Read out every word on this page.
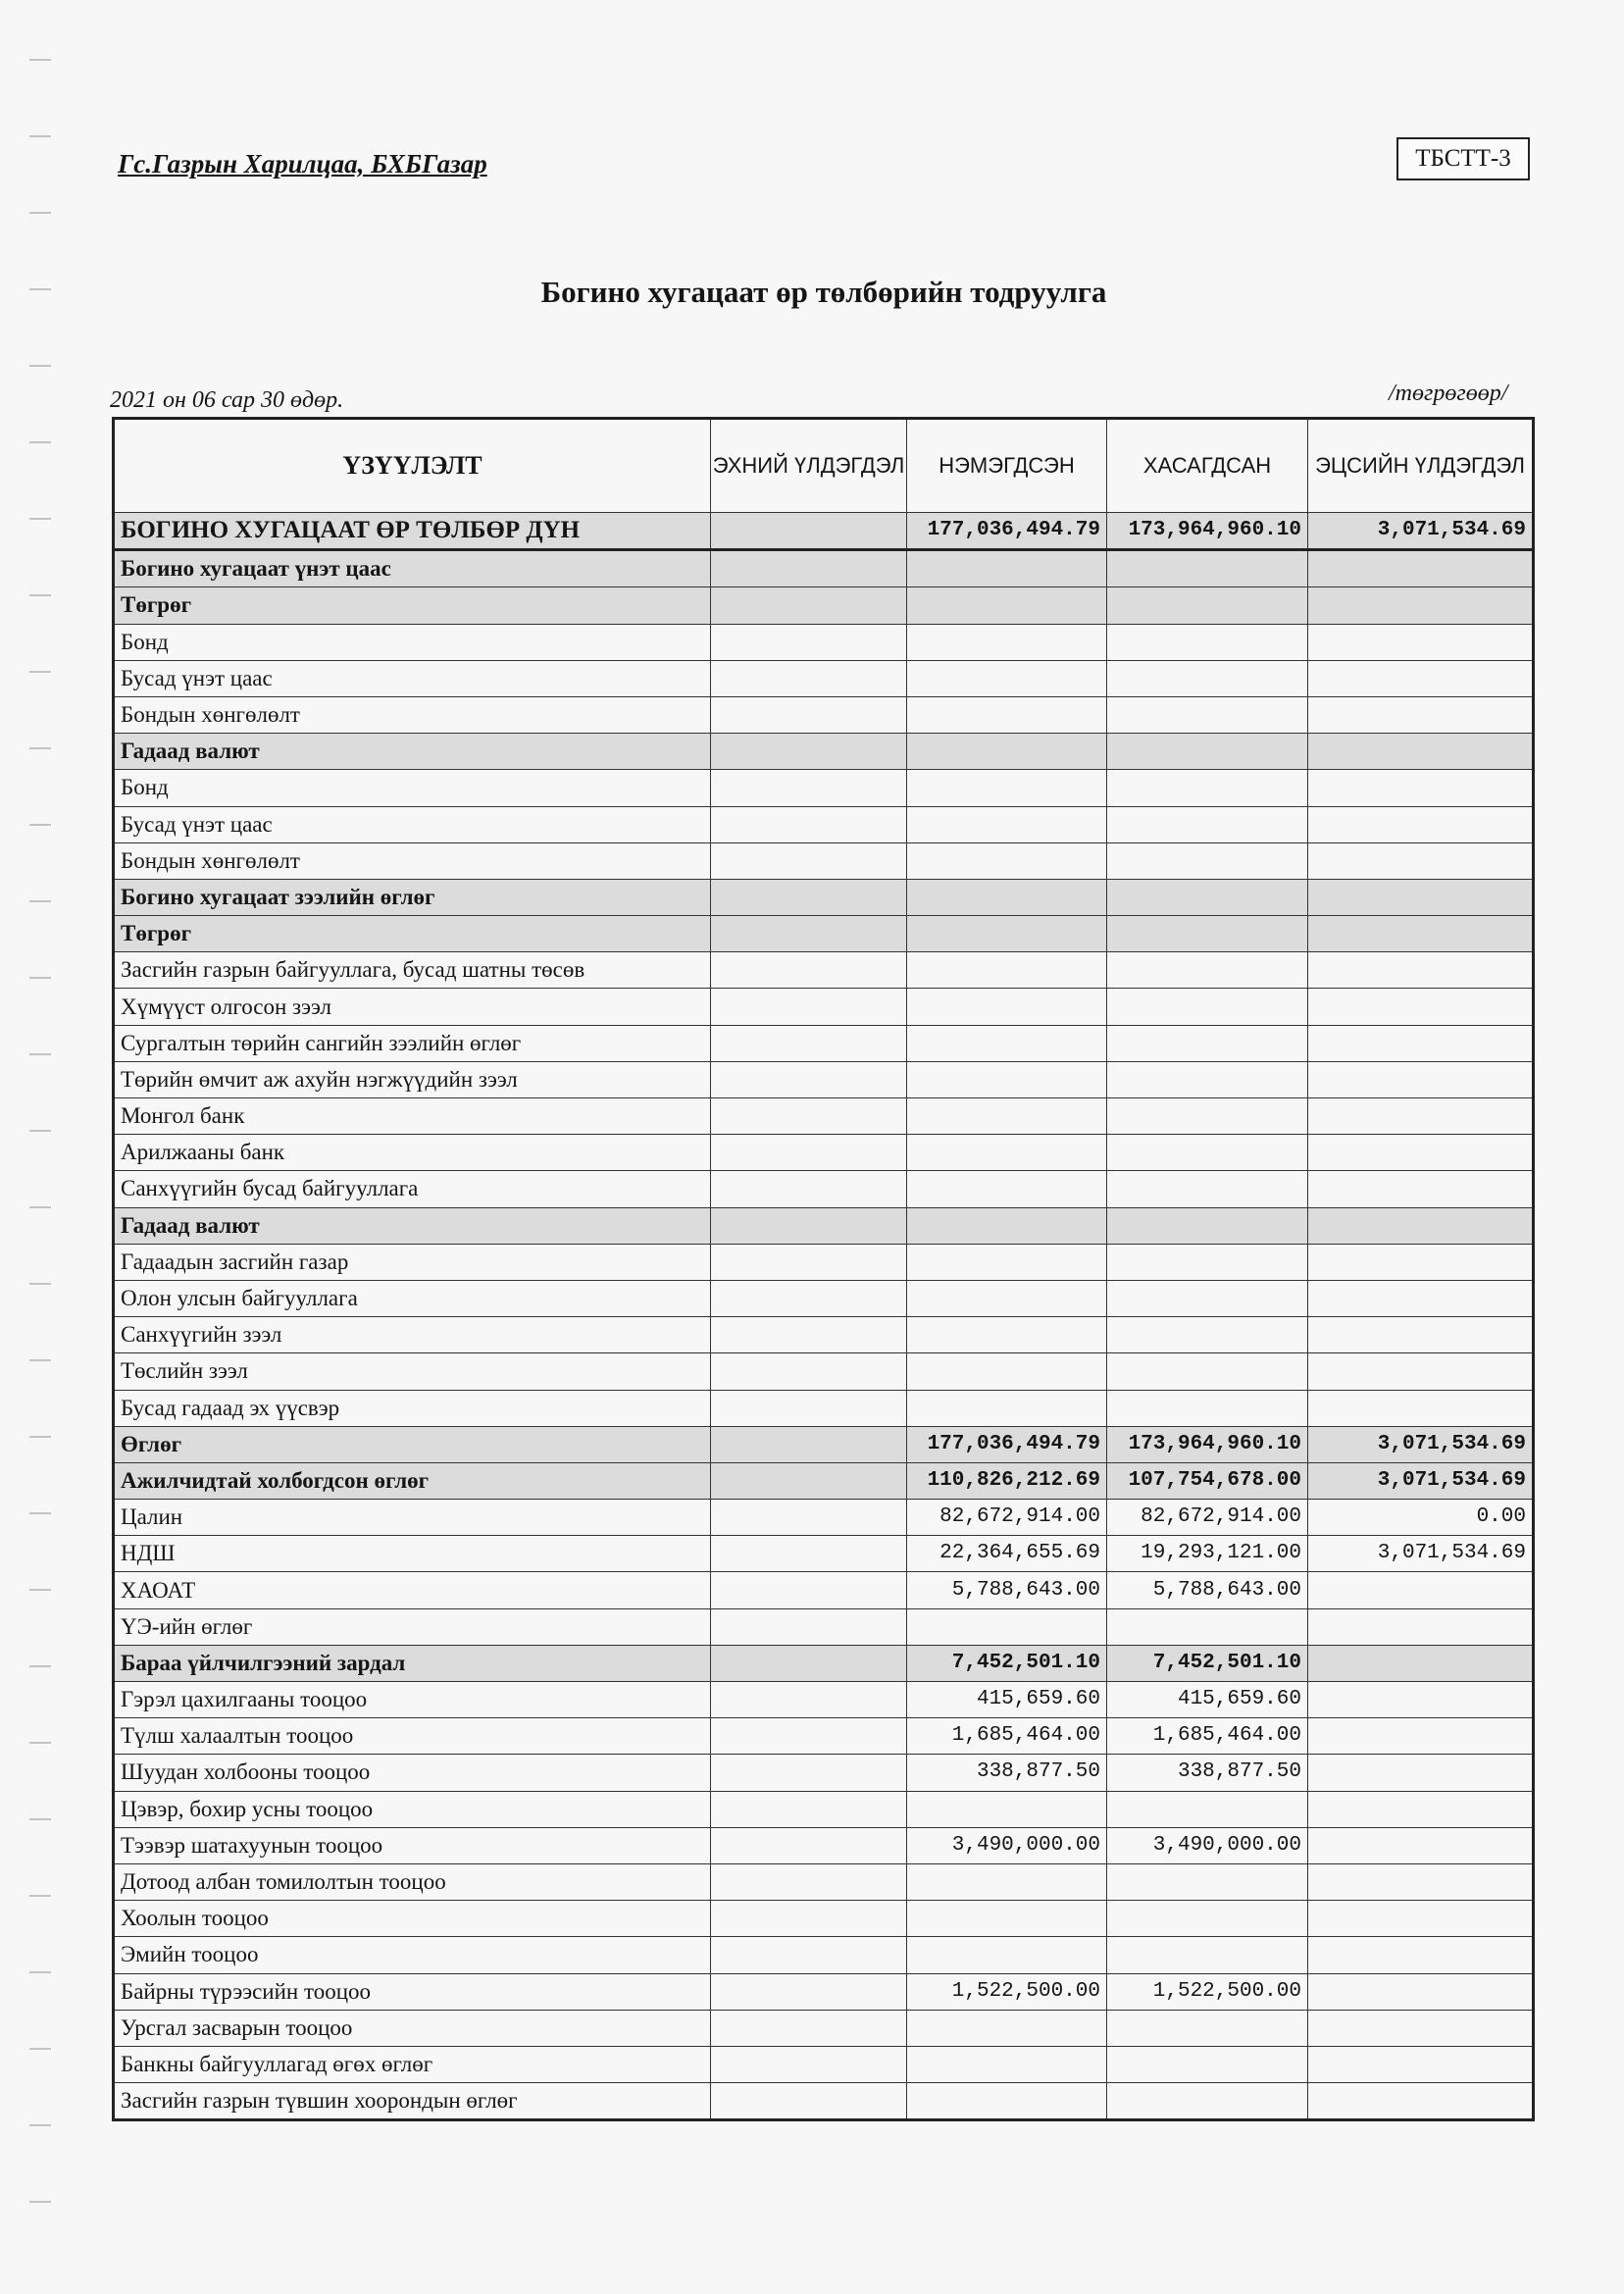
Гс.Газрын Харилцаа, БХБГазар	ТБСТТ-3
Богино хугацаат өр төлбөрийн тодруулга
2021 он 06 сар 30 өдөр.	/төгрөгөөр/
ҮЗҮҮЛЭЛТ	ЭХНИЙ ҮЛДЭГДЭЛ	НЭМЭГДСЭН	ХАСАГДСАН	ЭЦСИЙН ҮЛДЭГДЭЛ
БОГИНО ХУГАЦААТ ӨР ТӨЛБӨР ДҮН		177,036,494.79	173,964,960.10	3,071,534.69
Богино хугацаат үнэт цаас				
Төгрөг				
Бонд				
Бусад үнэт цаас				
Бондын хөнгөлөлт				
Гадаад валют				
Бонд				
Бусад үнэт цаас				
Бондын хөнгөлөлт				
Богино хугацаат зээлийн өглөг				
Төгрөг				
Засгийн газрын байгууллага, бусад шатны төсөв				
Хүмүүст олгосон зээл				
Сургалтын төрийн сангийн зээлийн өглөг				
Төрийн өмчит аж ахуйн нэгжүүдийн зээл				
Монгол банк				
Арилжааны банк				
Санхүүгийн бусад байгууллага				
Гадаад валют				
Гадаадын засгийн газар				
Олон улсын байгууллага				
Санхүүгийн зээл				
Төслийн зээл				
Бусад гадаад эх үүсвэр				
Өглөг		177,036,494.79	173,964,960.10	3,071,534.69
Ажилчидтай холбогдсон өглөг		110,826,212.69	107,754,678.00	3,071,534.69
Цалин		82,672,914.00	82,672,914.00	0.00
НДШ		22,364,655.69	19,293,121.00	3,071,534.69
ХАОАТ		5,788,643.00	5,788,643.00	
ҮЭ-ийн өглөг				
Бараа үйлчилгээний зардал		7,452,501.10	7,452,501.10	
Гэрэл цахилгааны тооцоо		415,659.60	415,659.60	
Түлш халаалтын тооцоо		1,685,464.00	1,685,464.00	
Шуудан холбооны тооцоо		338,877.50	338,877.50	
Цэвэр, бохир усны тооцоо				
Тээвэр шатахуунын тооцоо		3,490,000.00	3,490,000.00	
Дотоод албан томилолтын тооцоо				
Хоолын тооцоо				
Эмийн тооцоо				
Байрны түрээсийн тооцоо		1,522,500.00	1,522,500.00	
Урсгал засварын тооцоо				
Банкны байгууллагад өгөх өглөг				
Засгийн газрын түвшин хоорондын өглөг				
